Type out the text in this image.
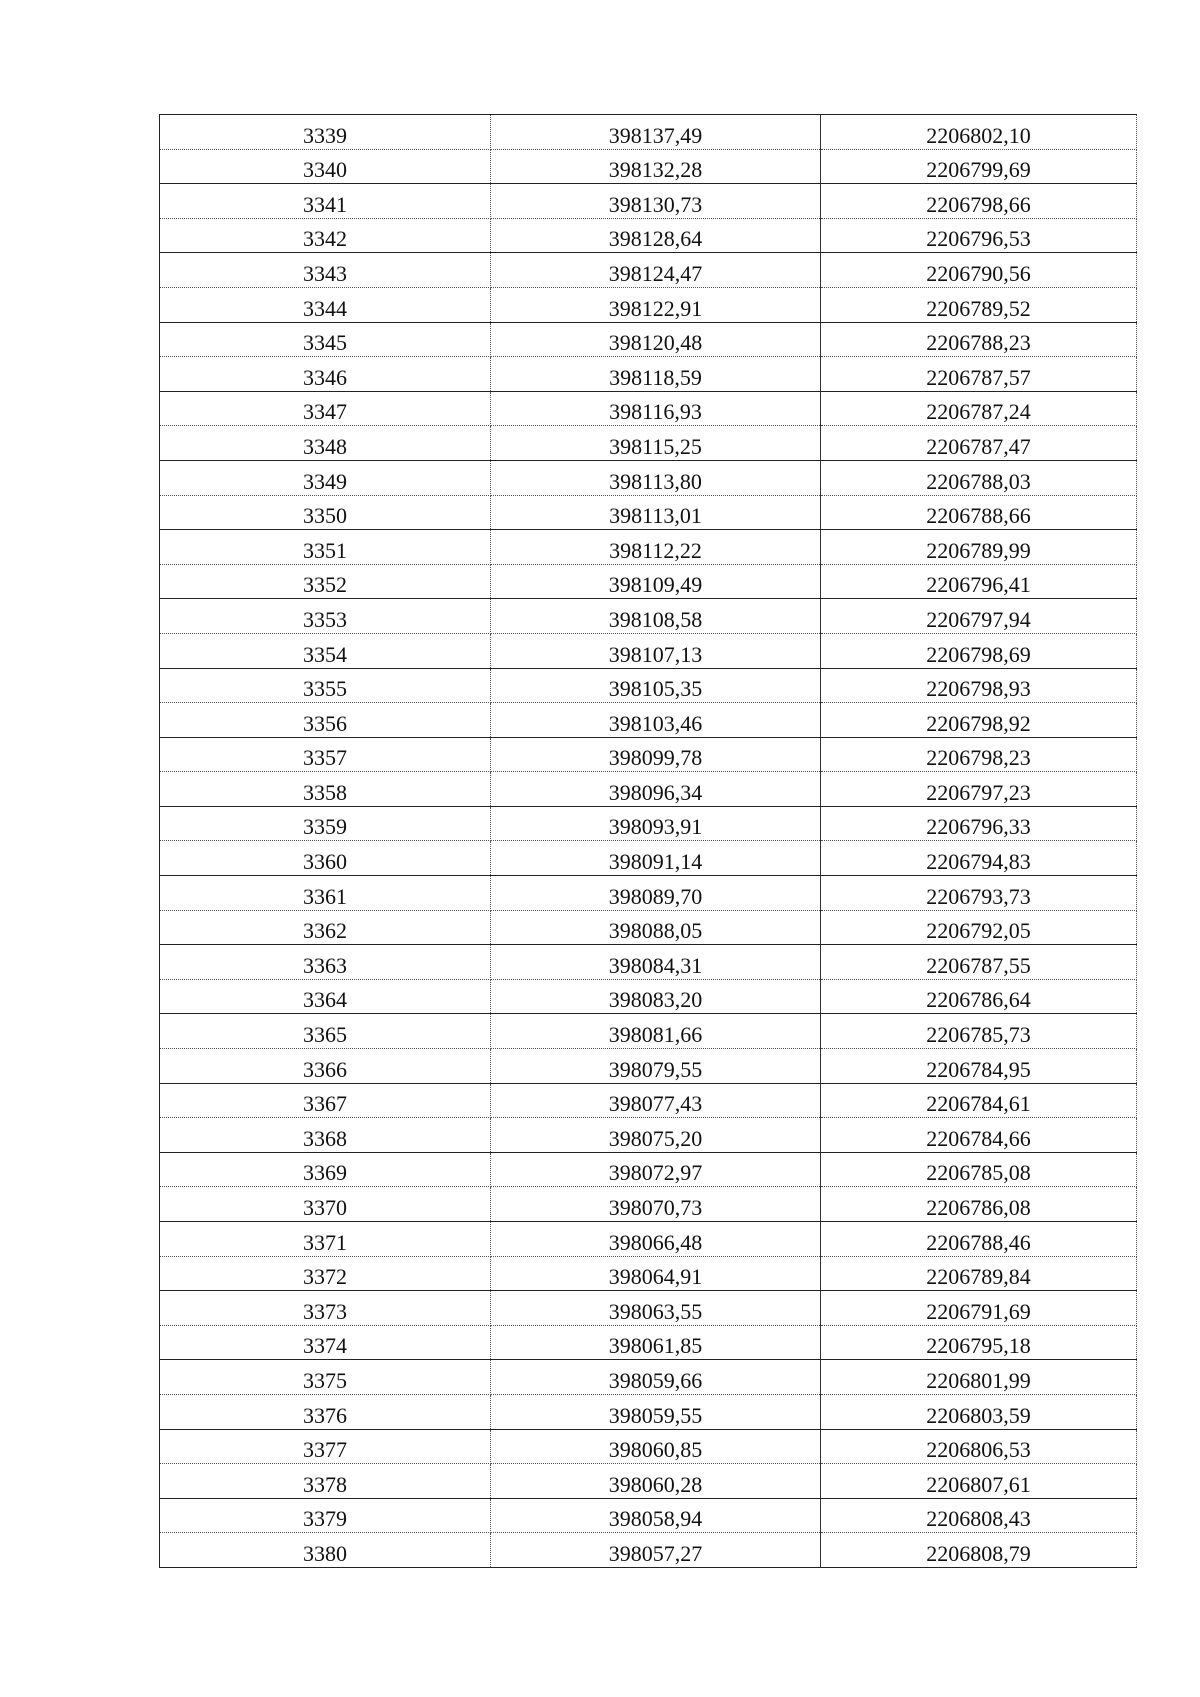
3339	398137,49	2206802,10
3340	398132,28	2206799,69
3341	398130,73	2206798,66
3342	398128,64	2206796,53
3343	398124,47	2206790,56
3344	398122,91	2206789,52
3345	398120,48	2206788,23
3346	398118,59	2206787,57
3347	398116,93	2206787,24
3348	398115,25	2206787,47
3349	398113,80	2206788,03
3350	398113,01	2206788,66
3351	398112,22	2206789,99
3352	398109,49	2206796,41
3353	398108,58	2206797,94
3354	398107,13	2206798,69
3355	398105,35	2206798,93
3356	398103,46	2206798,92
3357	398099,78	2206798,23
3358	398096,34	2206797,23
3359	398093,91	2206796,33
3360	398091,14	2206794,83
3361	398089,70	2206793,73
3362	398088,05	2206792,05
3363	398084,31	2206787,55
3364	398083,20	2206786,64
3365	398081,66	2206785,73
3366	398079,55	2206784,95
3367	398077,43	2206784,61
3368	398075,20	2206784,66
3369	398072,97	2206785,08
3370	398070,73	2206786,08
3371	398066,48	2206788,46
3372	398064,91	2206789,84
3373	398063,55	2206791,69
3374	398061,85	2206795,18
3375	398059,66	2206801,99
3376	398059,55	2206803,59
3377	398060,85	2206806,53
3378	398060,28	2206807,61
3379	398058,94	2206808,43
3380	398057,27	2206808,79
